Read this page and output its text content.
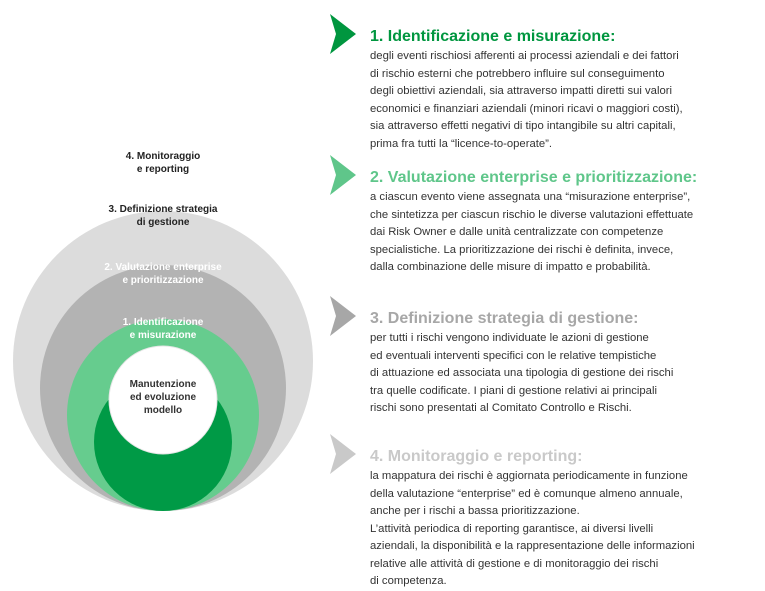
4. Monitoraggio
e reporting
3. Definizione strategia
di gestione
2. Valutazione enterprise
e prioritizzazione
1. Identificazione
e misurazione
Manutenzione
ed evoluzione
modello
1. Identificazione e misurazione:
degli eventi rischiosi afferenti ai processi aziendali e dei fattori
di rischio esterni che potrebbero influire sul conseguimento
degli obiettivi aziendali, sia attraverso impatti diretti sui valori
economici e finanziari aziendali (minori ricavi o maggiori costi),
sia attraverso effetti negativi di tipo intangibile su altri capitali,
prima fra tutti la “licence-to-operate”.
2. Valutazione enterprise e prioritizzazione:
a ciascun evento viene assegnata una “misurazione enterprise”,
che sintetizza per ciascun rischio le diverse valutazioni effettuate
dai Risk Owner e dalle unità centralizzate con competenze
specialistiche. La prioritizzazione dei rischi è definita, invece,
dalla combinazione delle misure di impatto e probabilità.
3. Definizione strategia di gestione:
per tutti i rischi vengono individuate le azioni di gestione
ed eventuali interventi specifici con le relative tempistiche
di attuazione ed associata una tipologia di gestione dei rischi
tra quelle codificate. I piani di gestione relativi ai principali
rischi sono presentati al Comitato Controllo e Rischi.
4. Monitoraggio e reporting:
la mappatura dei rischi è aggiornata periodicamente in funzione
della valutazione “enterprise” ed è comunque almeno annuale,
anche per i rischi a bassa prioritizzazione.
L’attività periodica di reporting garantisce, ai diversi livelli
aziendali, la disponibilità e la rappresentazione delle informazioni
relative alle attività di gestione e di monitoraggio dei rischi
di competenza.
